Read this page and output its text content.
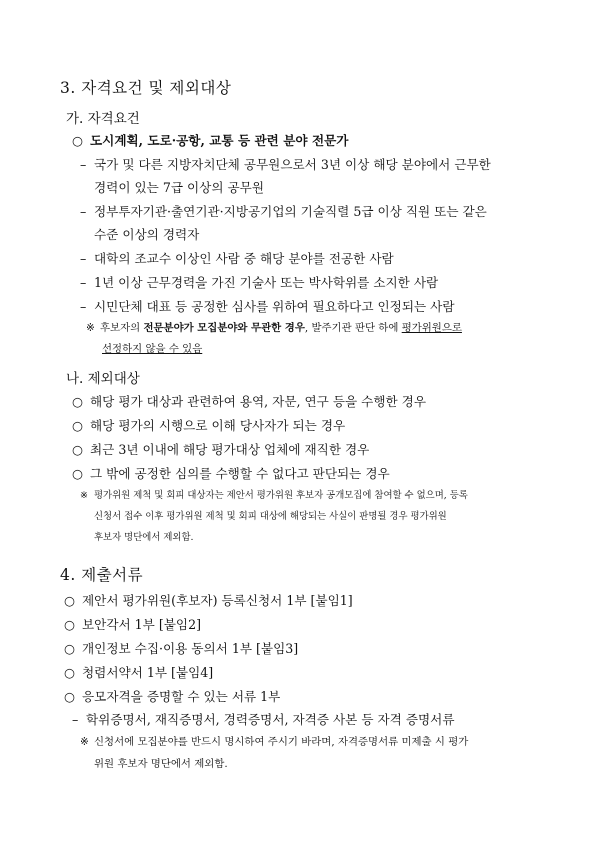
3. 자격요건 및 제외대상
가. 자격요건
○ 도시계획, 도로·공항, 교통 등 관련 분야 전문가
– 국가 및 다른 지방자치단체 공무원으로서 3년 이상 해당 분야에서 근무한
경력이 있는 7급 이상의 공무원
– 정부투자기관·출연기관·지방공기업의 기술직렬 5급 이상 직원 또는 같은
수준 이상의 경력자
– 대학의 조교수 이상인 사람 중 해당 분야를 전공한 사람
– 1년 이상 근무경력을 가진 기술사 또는 박사학위를 소지한 사람
– 시민단체 대표 등 공정한 심사를 위하여 필요하다고 인정되는 사람
※ 후보자의 전문분야가 모집분야와 무관한 경우, 발주기관 판단 하에 평가위원으로
선정하지 않을 수 있음
나. 제외대상
○ 해당 평가 대상과 관련하여 용역, 자문, 연구 등을 수행한 경우
○ 해당 평가의 시행으로 이해 당사자가 되는 경우
○ 최근 3년 이내에 해당 평가대상 업체에 재직한 경우
○ 그 밖에 공정한 심의를 수행할 수 없다고 판단되는 경우
※ 평가위원 제척 및 회피 대상자는 제안서 평가위원 후보자 공개모집에 참여할 수 없으며, 등록
신청서 접수 이후 평가위원 제척 및 회피 대상에 해당되는 사실이 판명될 경우 평가위원
후보자 명단에서 제외함.
4. 제출서류
○ 제안서 평가위원(후보자) 등록신청서 1부 [붙임1]
○ 보안각서 1부 [붙임2]
○ 개인정보 수집·이용 동의서 1부 [붙임3]
○ 청렴서약서 1부 [붙임4]
○ 응모자격을 증명할 수 있는 서류 1부
– 학위증명서, 재직증명서, 경력증명서, 자격증 사본 등 자격 증명서류
※ 신청서에 모집분야를 반드시 명시하여 주시기 바라며, 자격증명서류 미제출 시 평가
위원 후보자 명단에서 제외함.
